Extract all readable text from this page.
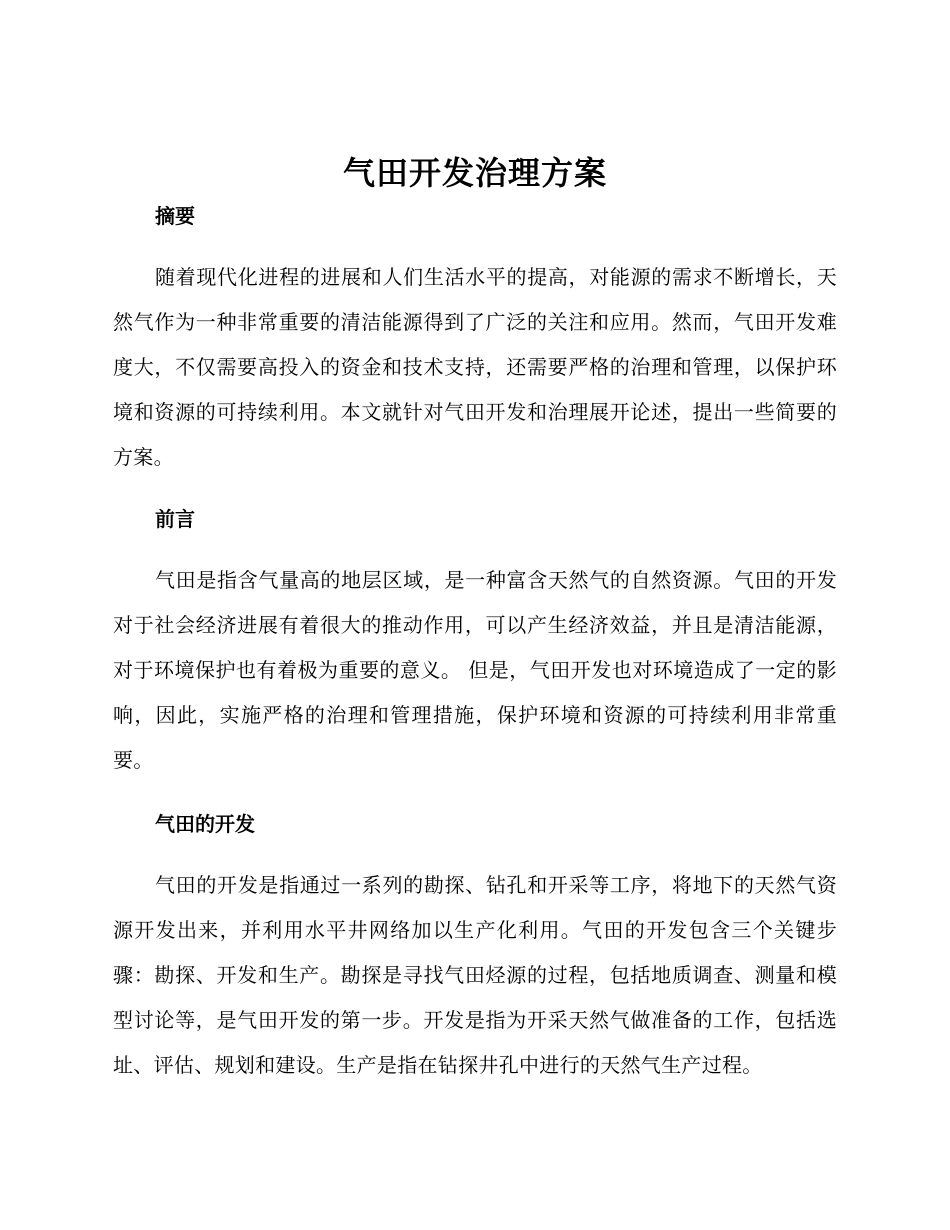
气田开发治理方案
摘要

随着现代化进程的进展和人们生活水平的提高，对能源的需求不断增长，天然气作为一种非常重要的清洁能源得到了广泛的关注和应用。然而，气田开发难度大，不仅需要高投入的资金和技术支持，还需要严格的治理和管理，以保护环境和资源的可持续利用。本文就针对气田开发和治理展开论述，提出一些简要的方案。

前言

气田是指含气量高的地层区域，是一种富含天然气的自然资源。气田的开发对于社会经济进展有着很大的推动作用，可以产生经济效益，并且是清洁能源，对于环境保护也有着极为重要的意义。 但是，气田开发也对环境造成了一定的影响，因此，实施严格的治理和管理措施，保护环境和资源的可持续利用非常重要。

气田的开发

气田的开发是指通过一系列的勘探、钻孔和开采等工序，将地下的天然气资源开发出来，并利用水平井网络加以生产化利用。气田的开发包含三个关键步骤：勘探、开发和生产。勘探是寻找气田烃源的过程，包括地质调查、测量和模型讨论等，是气田开发的第一步。开发是指为开采天然气做准备的工作，包括选址、评估、规划和建设。生产是指在钻探井孔中进行的天然气生产过程。
